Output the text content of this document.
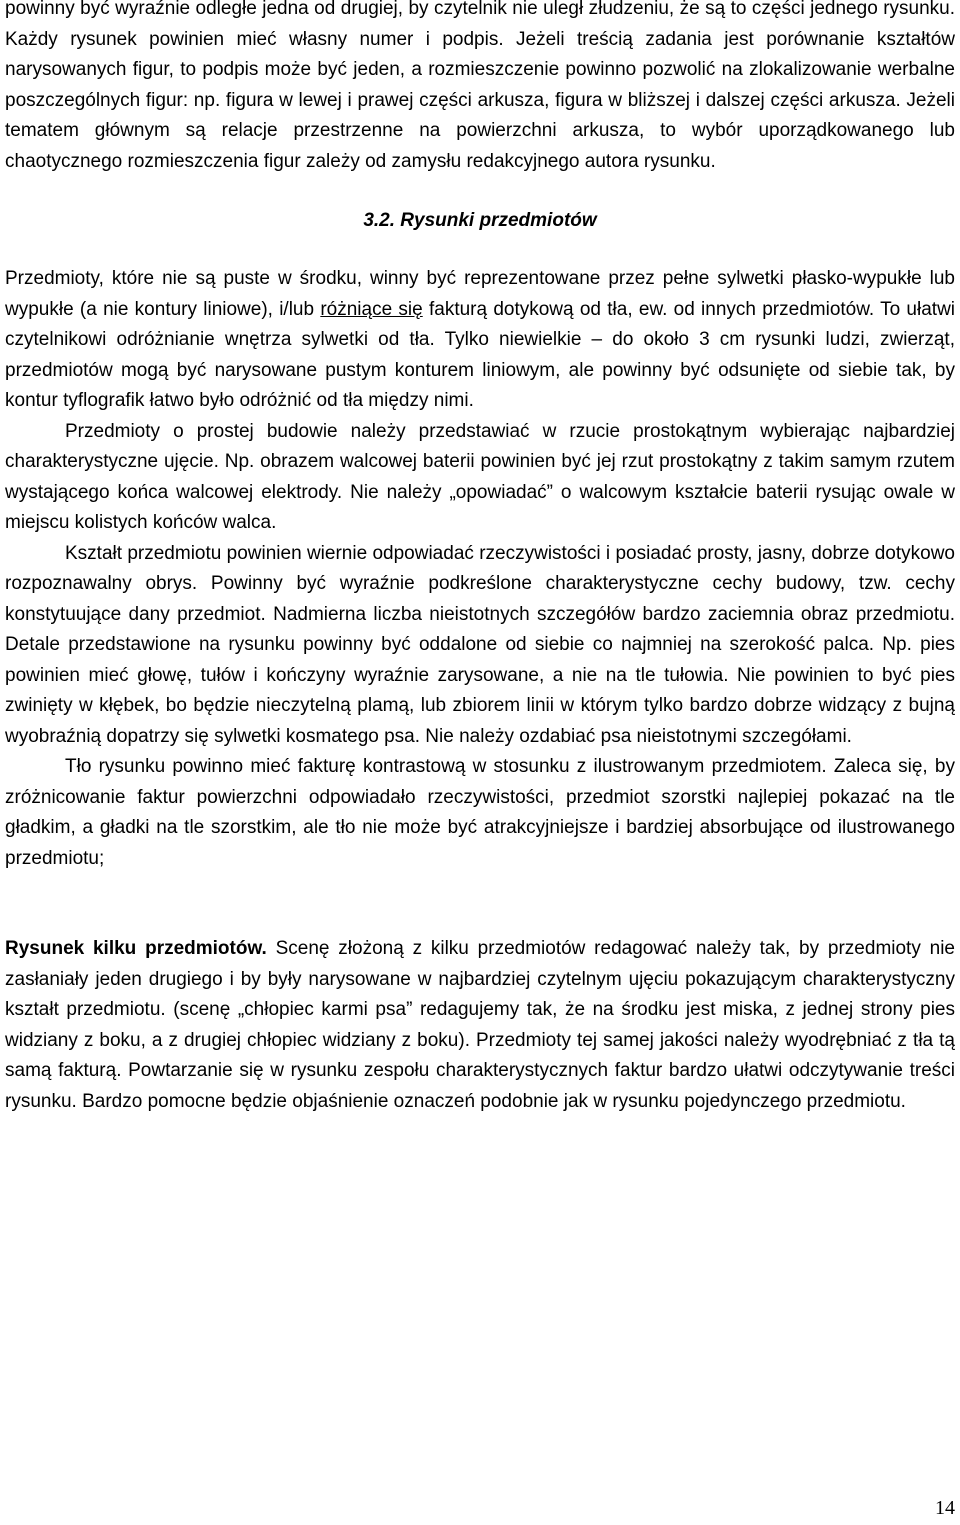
powinny być wyraźnie odległe jedna od drugiej, by czytelnik nie uległ złudzeniu, że są to części jednego rysunku. Każdy rysunek powinien mieć własny numer i podpis. Jeżeli treścią zadania jest porównanie kształtów narysowanych figur, to podpis może być jeden, a rozmieszczenie powinno pozwolić na zlokalizowanie werbalne poszczególnych figur: np. figura w lewej i prawej części arkusza, figura w bliższej i dalszej części arkusza. Jeżeli tematem głównym są relacje przestrzenne na powierzchni arkusza, to wybór uporządkowanego lub chaotycznego rozmieszczenia figur zależy od zamysłu redakcyjnego autora rysunku.

3.2. Rysunki przedmiotów

Przedmioty, które nie są puste w środku, winny być reprezentowane przez pełne sylwetki płasko-wypukłe lub wypukłe (a nie kontury liniowe), i/lub różniące się fakturą dotykową od tła, ew. od innych przedmiotów. To ułatwi czytelnikowi odróżnianie wnętrza sylwetki od tła. Tylko niewielkie – do około 3 cm rysunki ludzi, zwierząt, przedmiotów mogą być narysowane pustym konturem liniowym, ale powinny być odsunięte od siebie tak, by kontur tyflografik łatwo było odróżnić od tła między nimi.

Przedmioty o prostej budowie należy przedstawiać w rzucie prostokątnym wybierając najbardziej charakterystyczne ujęcie. Np. obrazem walcowej baterii powinien być jej rzut prostokątny z takim samym rzutem wystającego końca walcowej elektrody. Nie należy „opowiadać” o walcowym kształcie baterii rysując owale w miejscu kolistych końców walca.

Kształt przedmiotu powinien wiernie odpowiadać rzeczywistości i posiadać prosty, jasny, dobrze dotykowo rozpoznawalny obrys. Powinny być wyraźnie podkreślone charakterystyczne cechy budowy, tzw. cechy konstytuujące dany przedmiot. Nadmierna liczba nieistotnych szczegółów bardzo zaciemnia obraz przedmiotu. Detale przedstawione na rysunku powinny być oddalone od siebie co najmniej na szerokość palca. Np. pies powinien mieć głowę, tułów i kończyny wyraźnie zarysowane, a nie na tle tułowia. Nie powinien to być pies zwinięty w kłębek, bo będzie nieczytelną plamą, lub zbiorem linii w którym tylko bardzo dobrze widzący z bujną wyobraźnią dopatrzy się sylwetki kosmatego psa. Nie należy ozdabiać psa nieistotnymi szczegółami.

Tło rysunku powinno mieć fakturę kontrastową w stosunku z ilustrowanym przedmiotem. Zaleca się, by zróżnicowanie faktur powierzchni odpowiadało rzeczywistości, przedmiot szorstki najlepiej pokazać na tle gładkim, a gładki na tle szorstkim, ale tło nie może być atrakcyjniejsze i bardziej absorbujące od ilustrowanego przedmiotu;

Rysunek kilku przedmiotów. Scenę złożoną z kilku przedmiotów redagować należy tak, by przedmioty nie zasłaniały jeden drugiego i by były narysowane w najbardziej czytelnym ujęciu pokazującym charakterystyczny kształt przedmiotu. (scenę „chłopiec karmi psa” redagujemy tak, że na środku jest miska, z jednej strony pies widziany z boku, a z drugiej chłopiec widziany z boku). Przedmioty tej samej jakości należy wyodrębniać z tła tą samą fakturą. Powtarzanie się w rysunku zespołu charakterystycznych faktur bardzo ułatwi odczytywanie treści rysunku. Bardzo pomocne będzie objaśnienie oznaczeń podobnie jak w rysunku pojedynczego przedmiotu.

14
